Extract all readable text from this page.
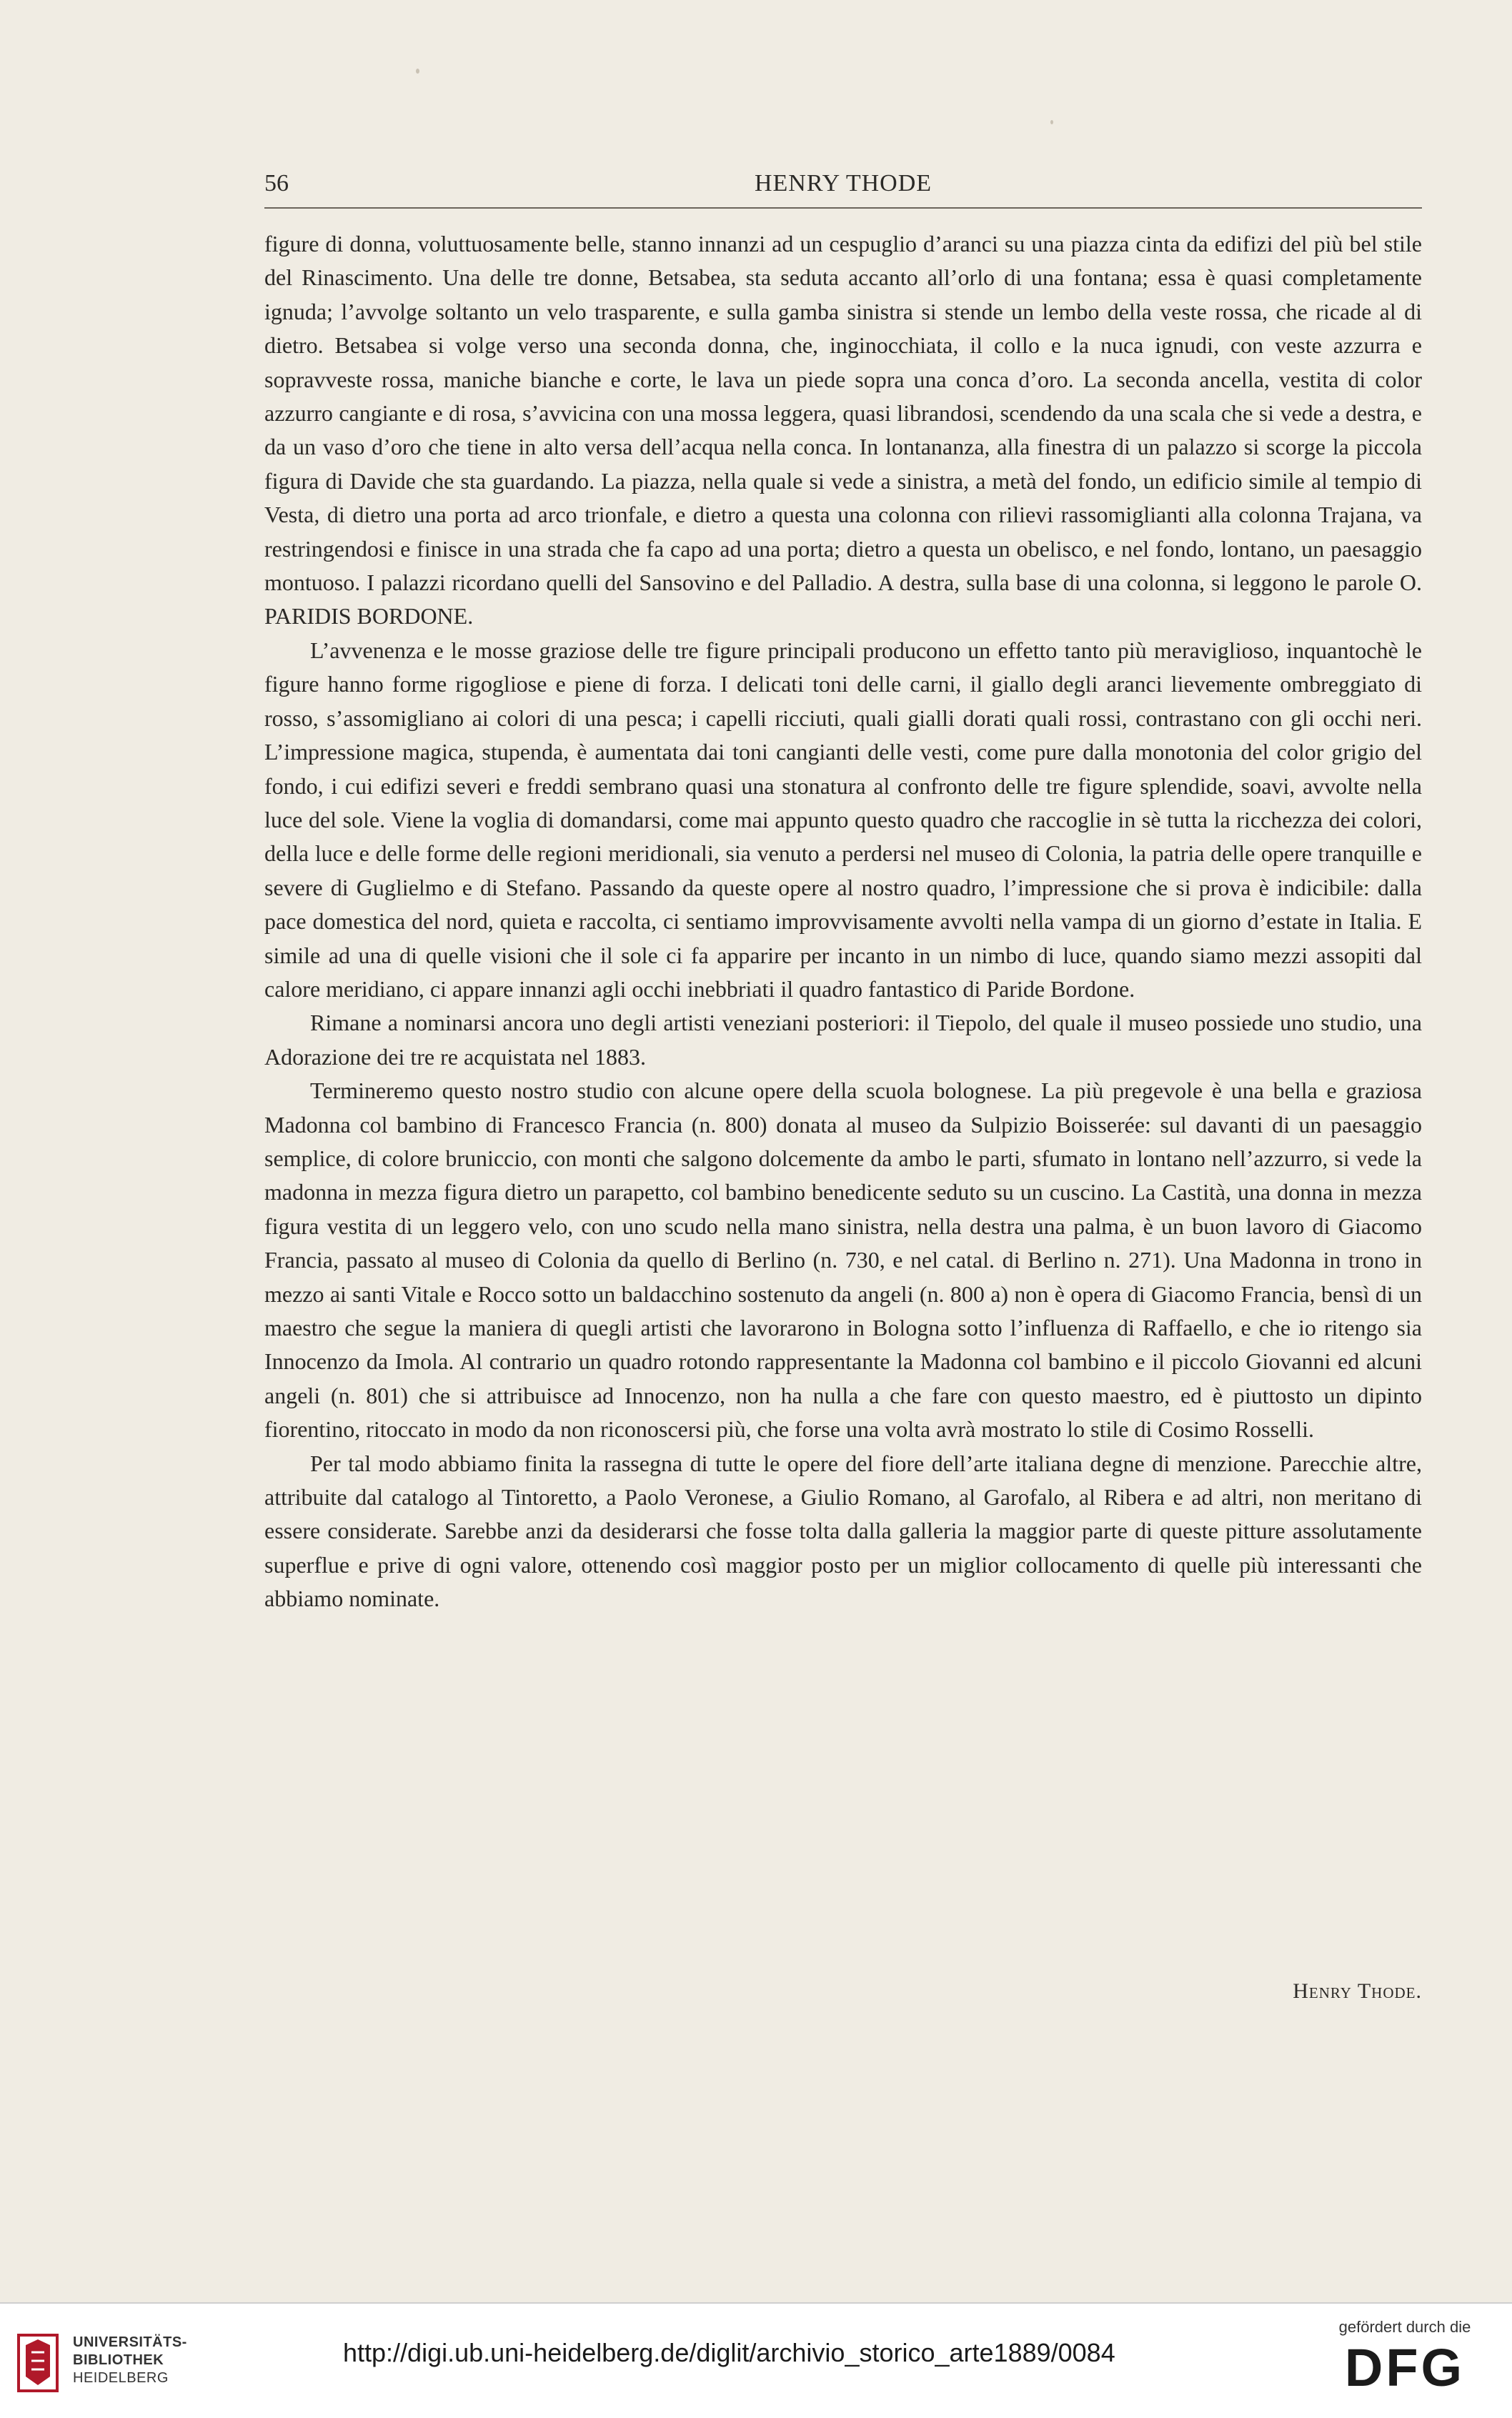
56	HENRY THODE

figure di donna, voluttuosamente belle, stanno innanzi ad un cespuglio d’aranci su una piazza cinta da edifizi del più bel stile del Rinascimento. Una delle tre donne, Betsabea, sta seduta accanto all’orlo di una fontana; essa è quasi completamente ignuda; l’avvolge soltanto un velo trasparente, e sulla gamba sinistra si stende un lembo della veste rossa, che ricade al di dietro. Betsabea si volge verso una seconda donna, che, inginocchiata, il collo e la nuca ignudi, con veste azzurra e sopravveste rossa, maniche bianche e corte, le lava un piede sopra una conca d’oro. La seconda ancella, vestita di color azzurro cangiante e di rosa, s’avvicina con una mossa leggera, quasi librandosi, scendendo da una scala che si vede a destra, e da un vaso d’oro che tiene in alto versa dell’acqua nella conca. In lontananza, alla finestra di un palazzo si scorge la piccola figura di Davide che sta guardando. La piazza, nella quale si vede a sinistra, a metà del fondo, un edificio simile al tempio di Vesta, di dietro una porta ad arco trionfale, e dietro a questa una colonna con rilievi rassomiglianti alla colonna Trajana, va restringendosi e finisce in una strada che fa capo ad una porta; dietro a questa un obelisco, e nel fondo, lontano, un paesaggio montuoso. I palazzi ricordano quelli del Sansovino e del Palladio. A destra, sulla base di una colonna, si leggono le parole O. PARIDIS BORDONE.

L’avvenenza e le mosse graziose delle tre figure principali producono un effetto tanto più meraviglioso, inquantochè le figure hanno forme rigogliose e piene di forza. I delicati toni delle carni, il giallo degli aranci lievemente ombreggiato di rosso, s’assomigliano ai colori di una pesca; i capelli ricciuti, quali gialli dorati quali rossi, contrastano con gli occhi neri. L’impressione magica, stupenda, è aumentata dai toni cangianti delle vesti, come pure dalla monotonia del color grigio del fondo, i cui edifizi severi e freddi sembrano quasi una stonatura al confronto delle tre figure splendide, soavi, avvolte nella luce del sole. Viene la voglia di domandarsi, come mai appunto questo quadro che raccoglie in sè tutta la ricchezza dei colori, della luce e delle forme delle regioni meridionali, sia venuto a perdersi nel museo di Colonia, la patria delle opere tranquille e severe di Guglielmo e di Stefano. Passando da queste opere al nostro quadro, l’impressione che si prova è indicibile: dalla pace domestica del nord, quieta e raccolta, ci sentiamo improvvisamente avvolti nella vampa di un giorno d’estate in Italia. E simile ad una di quelle visioni che il sole ci fa apparire per incanto in un nimbo di luce, quando siamo mezzi assopiti dal calore meridiano, ci appare innanzi agli occhi inebbriati il quadro fantastico di Paride Bordone.

Rimane a nominarsi ancora uno degli artisti veneziani posteriori: il Tiepolo, del quale il museo possiede uno studio, una Adorazione dei tre re acquistata nel 1883.

Termineremo questo nostro studio con alcune opere della scuola bolognese. La più pregevole è una bella e graziosa Madonna col bambino di Francesco Francia (n. 800) donata al museo da Sulpizio Boisserée: sul davanti di un paesaggio semplice, di colore bruniccio, con monti che salgono dolcemente da ambo le parti, sfumato in lontano nell’azzurro, si vede la madonna in mezza figura dietro un parapetto, col bambino benedicente seduto su un cuscino. La Castità, una donna in mezza figura vestita di un leggero velo, con uno scudo nella mano sinistra, nella destra una palma, è un buon lavoro di Giacomo Francia, passato al museo di Colonia da quello di Berlino (n. 730, e nel catal. di Berlino n. 271). Una Madonna in trono in mezzo ai santi Vitale e Rocco sotto un baldacchino sostenuto da angeli (n. 800 a) non è opera di Giacomo Francia, bensì di un maestro che segue la maniera di quegli artisti che lavorarono in Bologna sotto l’influenza di Raffaello, e che io ritengo sia Innocenzo da Imola. Al contrario un quadro rotondo rappresentante la Madonna col bambino e il piccolo Giovanni ed alcuni angeli (n. 801) che si attribuisce ad Innocenzo, non ha nulla a che fare con questo maestro, ed è piuttosto un dipinto fiorentino, ritoccato in modo da non riconoscersi più, che forse una volta avrà mostrato lo stile di Cosimo Rosselli.

Per tal modo abbiamo finita la rassegna di tutte le opere del fiore dell’arte italiana degne di menzione. Parecchie altre, attribuite dal catalogo al Tintoretto, a Paolo Veronese, a Giulio Romano, al Garofalo, al Ribera e ad altri, non meritano di essere considerate. Sarebbe anzi da desiderarsi che fosse tolta dalla galleria la maggior parte di queste pitture assolutamente superflue e prive di ogni valore, ottenendo così maggior posto per un miglior collocamento di quelle più interessanti che abbiamo nominate.

Henry Thode.
UNIVERSITÄTS-
BIBLIOTHEK
HEIDELBERG
http://digi.ub.uni-heidelberg.de/diglit/archivio_storico_arte1889/0084
gefördert durch die
DFG
